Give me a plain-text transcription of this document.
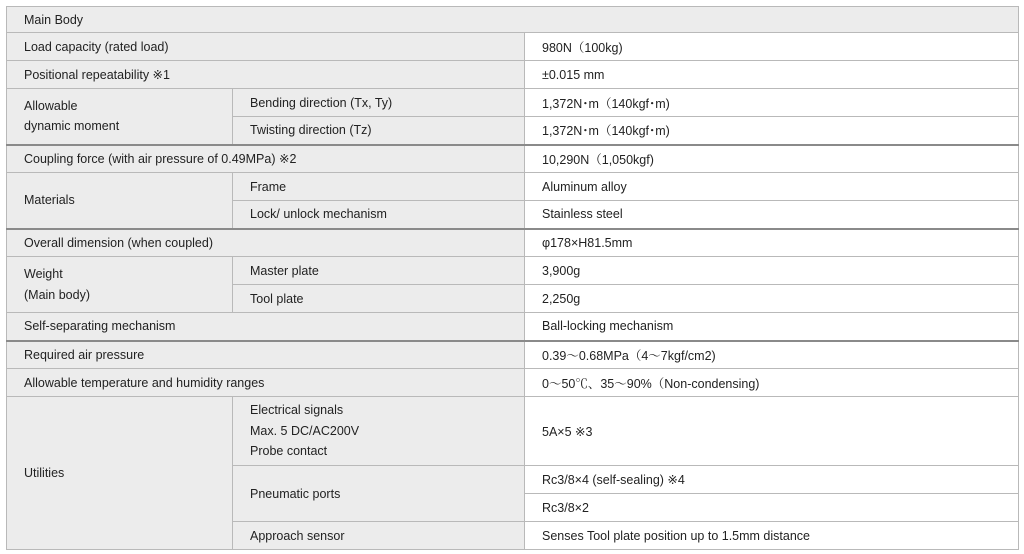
Main Body		
Load capacity (rated load)		980N（100kg)
Positional repeatability ※1		±0.015 mm
Allowable
dynamic moment	Bending direction (Tx, Ty)	1,372N･m（140kgf･m)
	Twisting direction (Tz)	1,372N･m（140kgf･m)
Coupling force (with air pressure of 0.49MPa) ※2		10,290N（1,050kgf)
Materials	Frame	Aluminum alloy
	Lock/ unlock mechanism	Stainless steel
Overall dimension (when coupled)		φ178×H81.5mm
Weight
(Main body)	Master plate	3,900g
	Tool plate	2,250g
Self-separating mechanism		Ball-locking mechanism
Required air pressure		0.39～0.68MPa（4～7kgf/cm2)
Allowable temperature and humidity ranges		0～50℃、35～90%（Non-condensing)
Utilities	Electrical signals
Max. 5 DC/AC200V
Probe contact	5A×5 ※3
	Pneumatic ports	Rc3/8×4 (self-sealing) ※4
		Rc3/8×2
	Approach sensor	Senses Tool plate position up to 1.5mm distance
